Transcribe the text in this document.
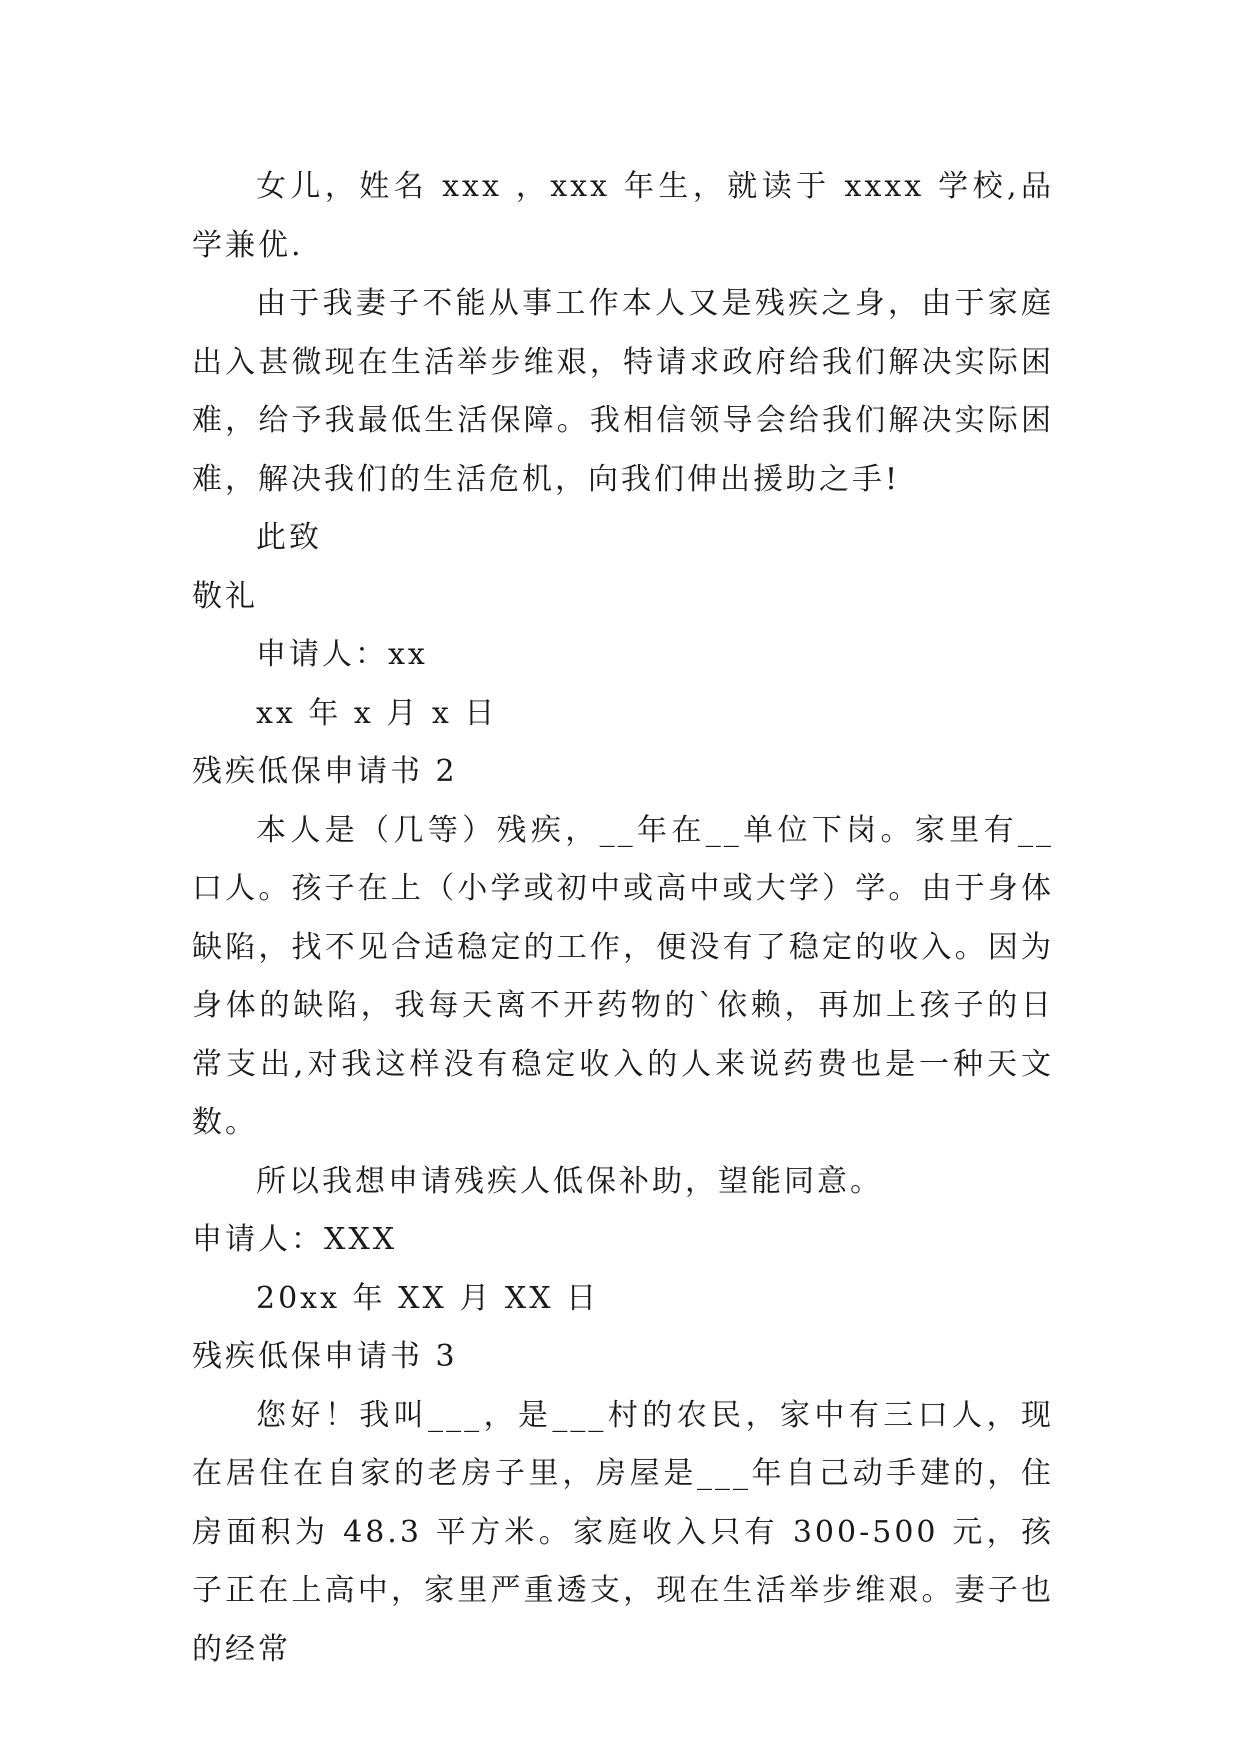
女儿，姓名 xxx ，xxx 年生，就读于 xxxx 学校,品学兼优.

由于我妻子不能从事工作本人又是残疾之身，由于家庭出入甚微现在生活举步维艰，特请求政府给我们解决实际困难，给予我最低生活保障。我相信领导会给我们解决实际困难，解决我们的生活危机，向我们伸出援助之手!

此致

敬礼

申请人：xx

xx 年 x 月 x 日

残疾低保申请书 2

本人是（几等）残疾，__年在__单位下岗。家里有__口人。孩子在上（小学或初中或高中或大学）学。由于身体缺陷，找不见合适稳定的工作，便没有了稳定的收入。因为身体的缺陷，我每天离不开药物的`依赖，再加上孩子的日常支出,对我这样没有稳定收入的人来说药费也是一种天文数。

所以我想申请残疾人低保补助，望能同意。

申请人：XXX

20xx 年 XX 月 XX 日

残疾低保申请书 3

您好！我叫___，是___村的农民，家中有三口人，现在居住在自家的老房子里，房屋是___年自己动手建的，住房面积为 48.3 平方米。家庭收入只有 300-500 元，孩子正在上高中，家里严重透支，现在生活举步维艰。妻子也的经常
